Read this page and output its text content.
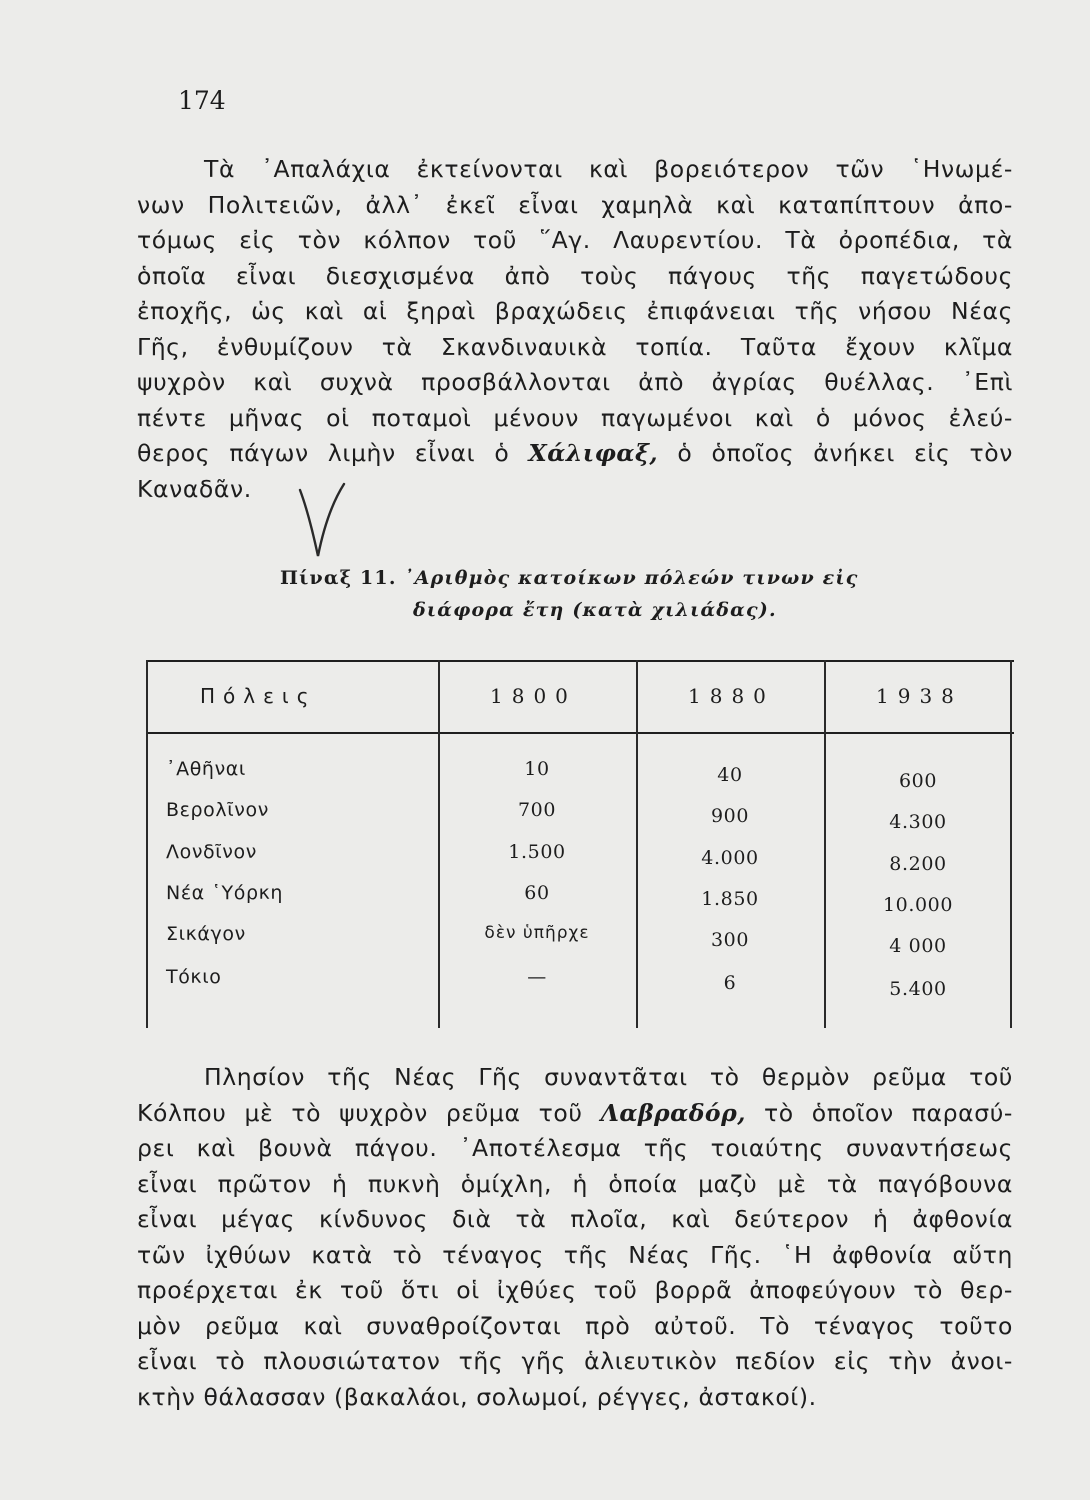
174

Τὰ ᾿Απαλάχια ἐκτείνονται καὶ βορειότερον τῶν ῾Ηνωμέ-
νων Πολιτειῶν, ἀλλ᾿ ἐκεῖ εἶναι χαμηλὰ καὶ καταπίπτουν ἀπο-
τόμως εἰς τὸν κόλπον τοῦ ῞Αγ. Λαυρεντίου. Τὰ ὀροπέδια, τὰ
ὁποῖα εἶναι διεσχισμένα ἀπὸ τοὺς πάγους τῆς παγετώδους
ἐποχῆς, ὡς καὶ αἱ ξηραὶ βραχώδεις ἐπιφάνειαι τῆς νήσου Νέας
Γῆς, ἐνθυμίζουν τὰ Σκανδιναυικὰ τοπία. Ταῦτα ἔχουν κλῖμα
ψυχρὸν καὶ συχνὰ προσβάλλονται ἀπὸ ἀγρίας θυέλλας. ᾿Επὶ
πέντε μῆνας οἱ ποταμοὶ μένουν παγωμένοι καὶ ὁ μόνος ἐλεύ-
θερος πάγων λιμὴν εἶναι ὁ Χάλιφαξ, ὁ ὁποῖος ἀνήκει εἰς τὸν
Καναδᾶν.

Πίναξ 11. ᾿Αριθμὸς κατοίκων πόλεών τινων εἰς
διάφορα ἔτη (κατὰ χιλιάδας).
Πόλεις	1800	1880	1938
᾿Αθῆναι	10	40	600
Βερολῖνον	700	900	4.300
Λονδῖνον	1.500	4.000	8.200
Νέα ῾Υόρκη	60	1.850	10.000
Σικάγον	δὲν ὑπῆρχε	300	4 000
Τόκιο	—	6	5.400

Πλησίον τῆς Νέας Γῆς συναντᾶται τὸ θερμὸν ρεῦμα τοῦ
Κόλπου μὲ τὸ ψυχρὸν ρεῦμα τοῦ Λαβραδόρ, τὸ ὁποῖον παρασύ-
ρει καὶ βουνὰ πάγου. ᾿Αποτέλεσμα τῆς τοιαύτης συναντήσεως
εἶναι πρῶτον ἡ πυκνὴ ὁμίχλη, ἡ ὁποία μαζὺ μὲ τὰ παγόβουνα
εἶναι μέγας κίνδυνος διὰ τὰ πλοῖα, καὶ δεύτερον ἡ ἀφθονία
τῶν ἰχθύων κατὰ τὸ τέναγος τῆς Νέας Γῆς. ῾Η ἀφθονία αὕτη
προέρχεται ἐκ τοῦ ὅτι οἱ ἰχθύες τοῦ βορρᾶ ἀποφεύγουν τὸ θερ-
μὸν ρεῦμα καὶ συναθροίζονται πρὸ αὐτοῦ. Τὸ τέναγος τοῦτο
εἶναι τὸ πλουσιώτατον τῆς γῆς ἁλιευτικὸν πεδίον εἰς τὴν ἀνοι-
κτὴν θάλασσαν (βακαλάοι, σολωμοί, ρέγγες, ἀστακοί).
